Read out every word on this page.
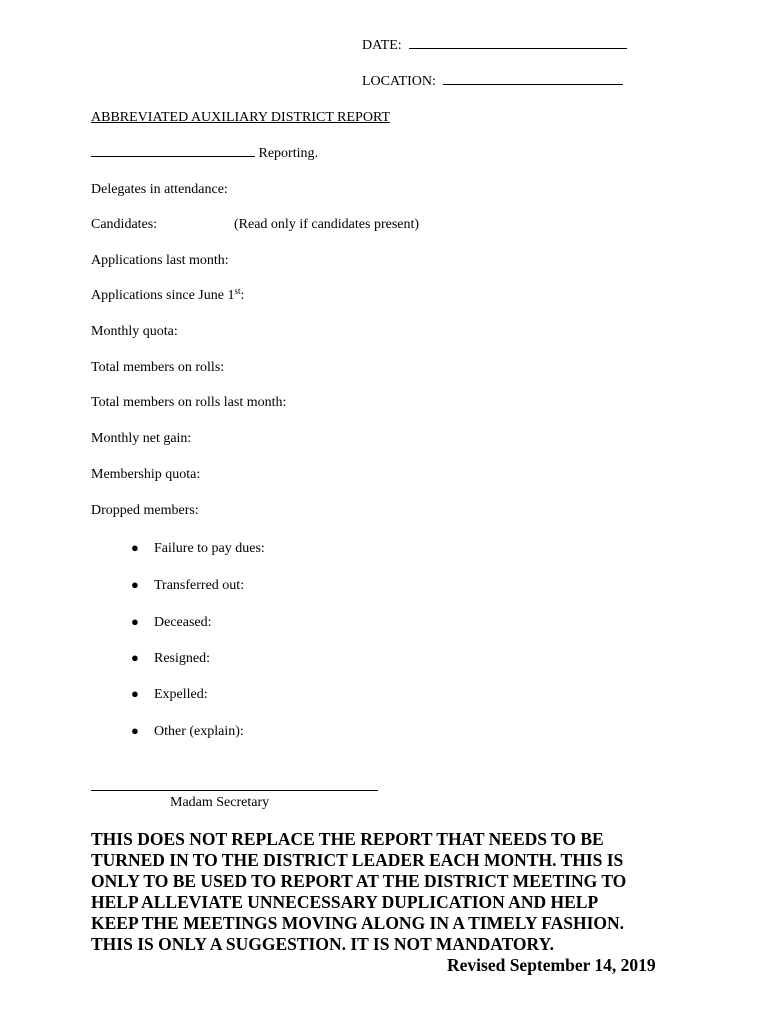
DATE:
LOCATION:
ABBREVIATED AUXILIARY DISTRICT REPORT
Reporting.
Delegates in attendance:
Candidates:	(Read only if candidates present)
Applications last month:
Applications since June 1st:
Monthly quota:
Total members on rolls:
Total members on rolls last month:
Monthly net gain:
Membership quota:
Dropped members:
● Failure to pay dues:
● Transferred out:
● Deceased:
● Resigned:
● Expelled:
● Other (explain):
Madam Secretary
THIS DOES NOT REPLACE THE REPORT THAT NEEDS TO BE
TURNED IN TO THE DISTRICT LEADER EACH MONTH. THIS IS
ONLY TO BE USED TO REPORT AT THE DISTRICT MEETING TO
HELP ALLEVIATE UNNECESSARY DUPLICATION AND HELP
KEEP THE MEETINGS MOVING ALONG IN A TIMELY FASHION.
THIS IS ONLY A SUGGESTION. IT IS NOT MANDATORY.
Revised September 14, 2019
